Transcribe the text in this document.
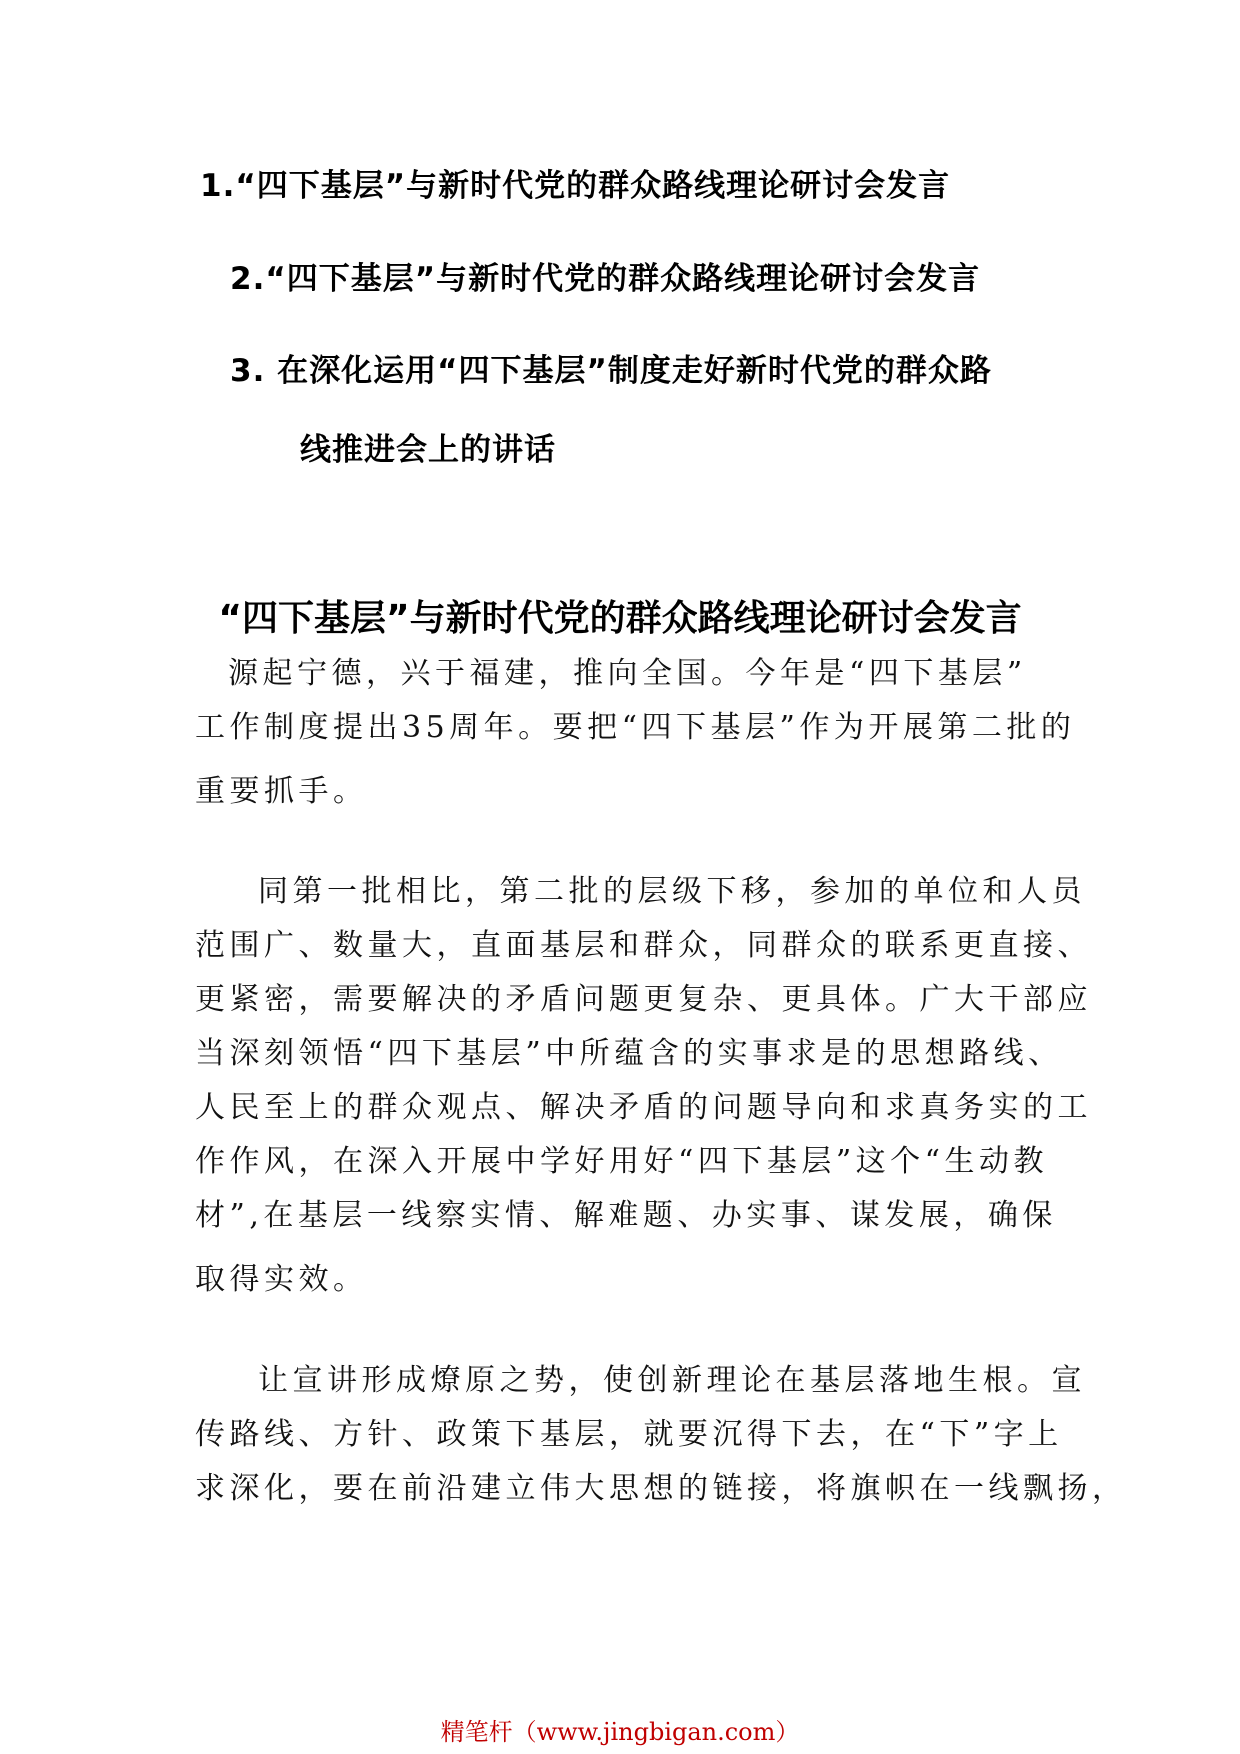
1.“四下基层”与新时代党的群众路线理论研讨会发言
2.“四下基层”与新时代党的群众路线理论研讨会发言
3. 在深化运用“四下基层”制度走好新时代党的群众路
线推进会上的讲话
“四下基层”与新时代党的群众路线理论研讨会发言
源起宁德，兴于福建，推向全国。今年是“四下基层”
工作制度提出35周年。要把“四下基层”作为开展第二批的
重要抓手。
同第一批相比，第二批的层级下移，参加的单位和人员
范围广、数量大，直面基层和群众，同群众的联系更直接、
更紧密，需要解决的矛盾问题更复杂、更具体。广大干部应
当深刻领悟“四下基层”中所蕴含的实事求是的思想路线、
人民至上的群众观点、解决矛盾的问题导向和求真务实的工
作作风，在深入开展中学好用好“四下基层”这个“生动教
材”,在基层一线察实情、解难题、办实事、谋发展，确保
取得实效。
让宣讲形成燎原之势，使创新理论在基层落地生根。宣
传路线、方针、政策下基层，就要沉得下去，在“下”字上
求深化，要在前沿建立伟大思想的链接，将旗帜在一线飘扬，
精笔杆（www.jingbigan.com）
